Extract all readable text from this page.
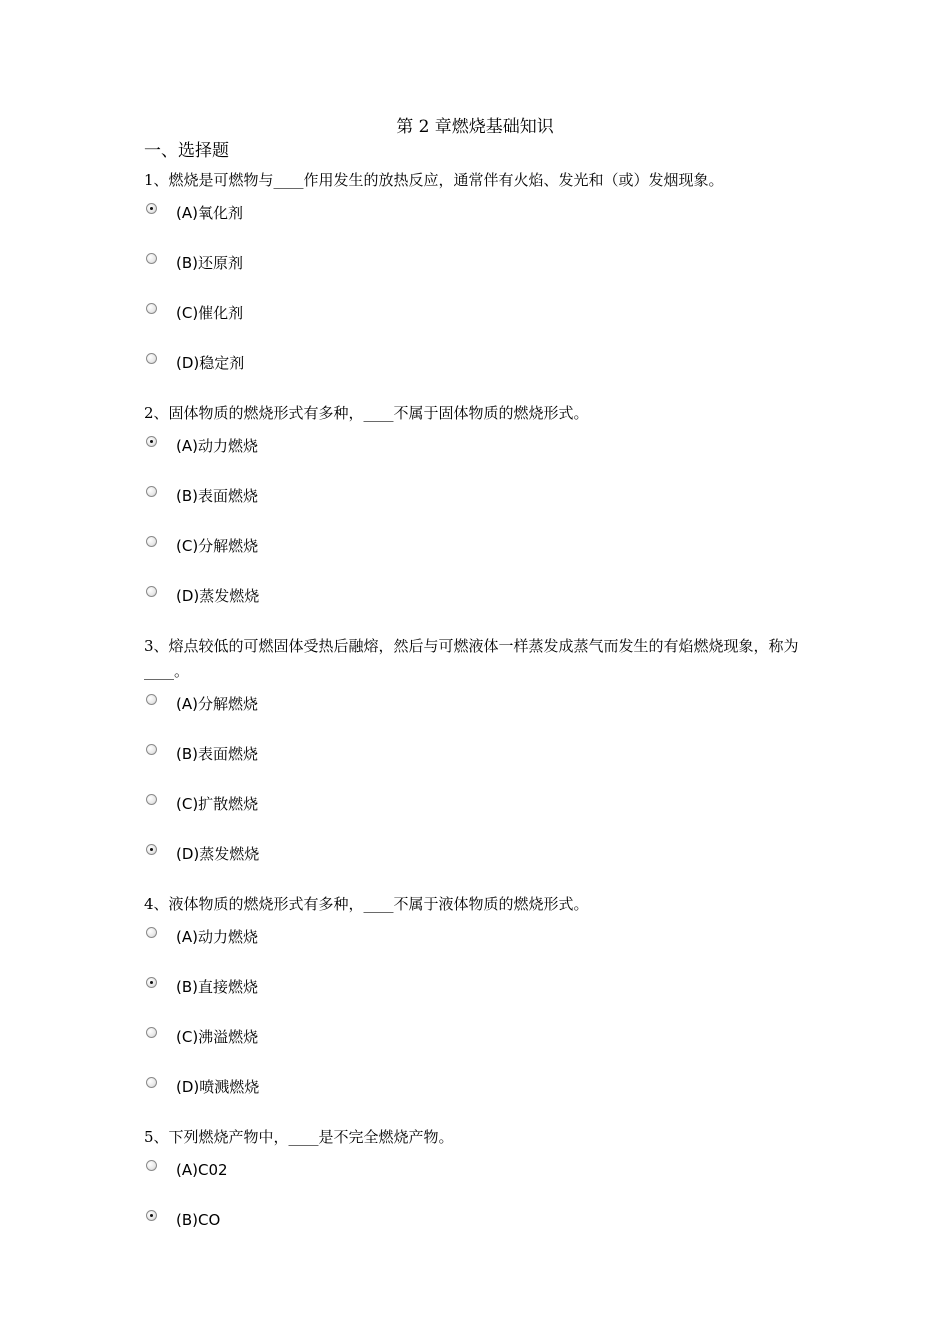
第 2 章燃烧基础知识
一、选择题

1、燃烧是可燃物与____作用发生的放热反应，通常伴有火焰、发光和（或）发烟现象。

(A)氧化剂
(B)还原剂
(C)催化剂
(D)稳定剂

2、固体物质的燃烧形式有多种，____不属于固体物质的燃烧形式。

(A)动力燃烧
(B)表面燃烧
(C)分解燃烧
(D)蒸发燃烧

3、熔点较低的可燃固体受热后融熔，然后与可燃液体一样蒸发成蒸气而发生的有焰燃烧现象，称为____。

(A)分解燃烧
(B)表面燃烧
(C)扩散燃烧
(D)蒸发燃烧

4、液体物质的燃烧形式有多种，____不属于液体物质的燃烧形式。

(A)动力燃烧
(B)直接燃烧
(C)沸溢燃烧
(D)喷溅燃烧

5、下列燃烧产物中，____是不完全燃烧产物。

(A)C02
(B)CO
